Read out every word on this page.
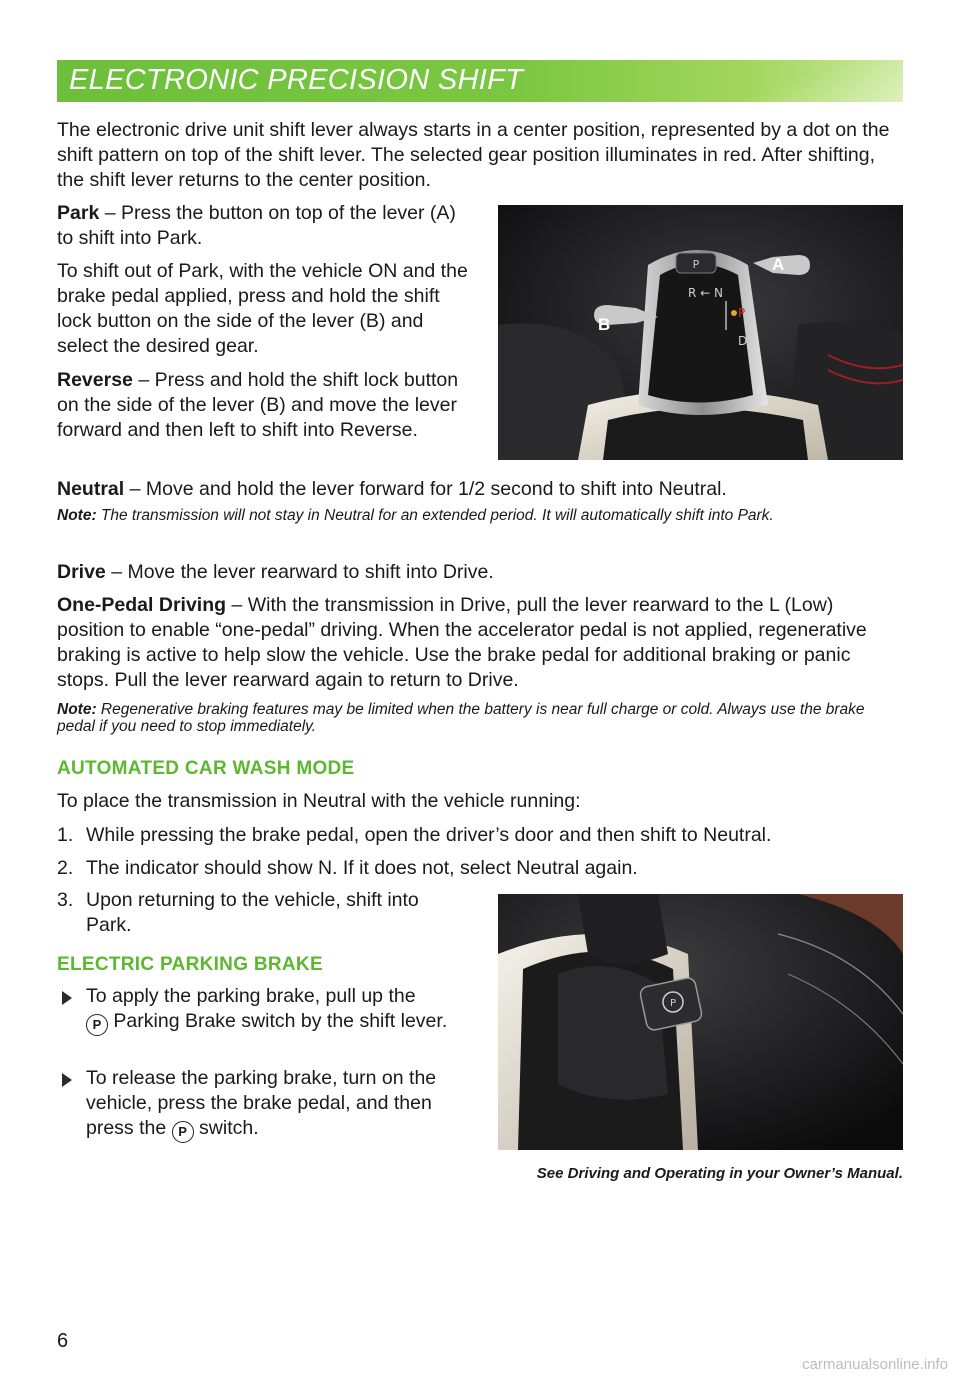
ELECTRONIC PRECISION SHIFT

The electronic drive unit shift lever always starts in a center position, represented by a dot on the shift pattern on top of the shift lever. The selected gear position illuminates in red. After shifting, the shift lever returns to the center position.

Park – Press the button on top of the lever (A) to shift into Park.

To shift out of Park, with the vehicle ON and the brake pedal applied, press and hold the shift lock button on the side of the lever (B) and select the desired gear.

Reverse – Press and hold the shift lock button on the side of the lever (B) and move the lever forward and then left to shift into Reverse.

P
R ← N
P
D
A
B

Neutral – Move and hold the lever forward for 1/2 second to shift into Neutral.

Note: The transmission will not stay in Neutral for an extended period. It will automatically shift into Park.

Drive – Move the lever rearward to shift into Drive.

One-Pedal Driving – With the transmission in Drive, pull the lever rearward to the L (Low) position to enable “one-pedal” driving. When the accelerator pedal is not applied, regenerative braking is active to help slow the vehicle. Use the brake pedal for additional braking or panic stops. Pull the lever rearward again to return to Drive.

Note: Regenerative braking features may be limited when the battery is near full charge or cold. Always use the brake pedal if you need to stop immediately.

AUTOMATED CAR WASH MODE

To place the transmission in Neutral with the vehicle running:

1. While pressing the brake pedal, open the driver’s door and then shift to Neutral.
2. The indicator should show N. If it does not, select Neutral again.
3. Upon returning to the vehicle, shift into Park.
ELECTRIC PARKING BRAKE

To apply the parking brake, pull up the
P Parking Brake switch by the shift lever.

To release the parking brake, turn on the vehicle, press the brake pedal, and then press the P switch.

P

See Driving and Operating in your Owner’s Manual.

6
carmanualsonline.info
